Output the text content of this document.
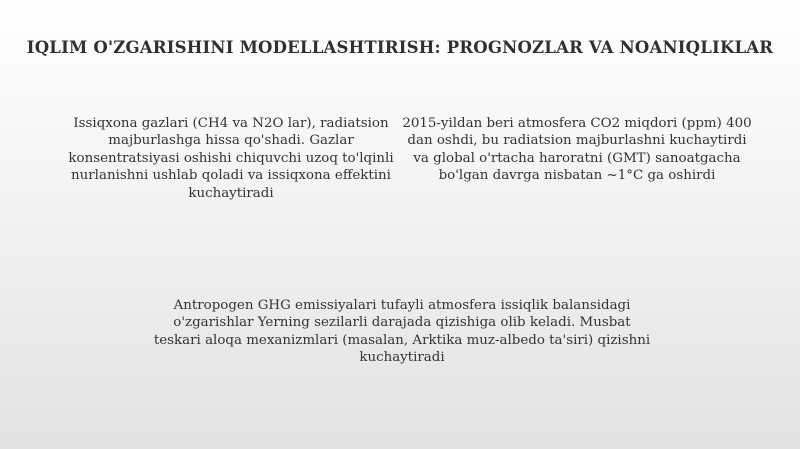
IQLIM O'ZGARISHINI MODELLASHTIRISH: PROGNOZLAR VA NOANIQLIKLAR

Issiqxona gazlari (CH4 va N2O lar), radiatsion majburlashga hissa qo'shadi. Gazlar konsentratsiyasi oshishi chiquvchi uzoq to'lqinli nurlanishni ushlab qoladi va issiqxona effektini kuchaytiradi

2015-yildan beri atmosfera CO2 miqdori (ppm) 400 dan oshdi, bu radiatsion majburlashni kuchaytirdi va global o'rtacha haroratni (GMT) sanoatgacha bo'lgan davrga nisbatan ~1°C ga oshirdi

Antropogen GHG emissiyalari tufayli atmosfera issiqlik balansidagi o'zgarishlar Yerning sezilarli darajada qizishiga olib keladi. Musbat teskari aloqa mexanizmlari (masalan, Arktika muz-albedo ta'siri) qizishni kuchaytiradi
